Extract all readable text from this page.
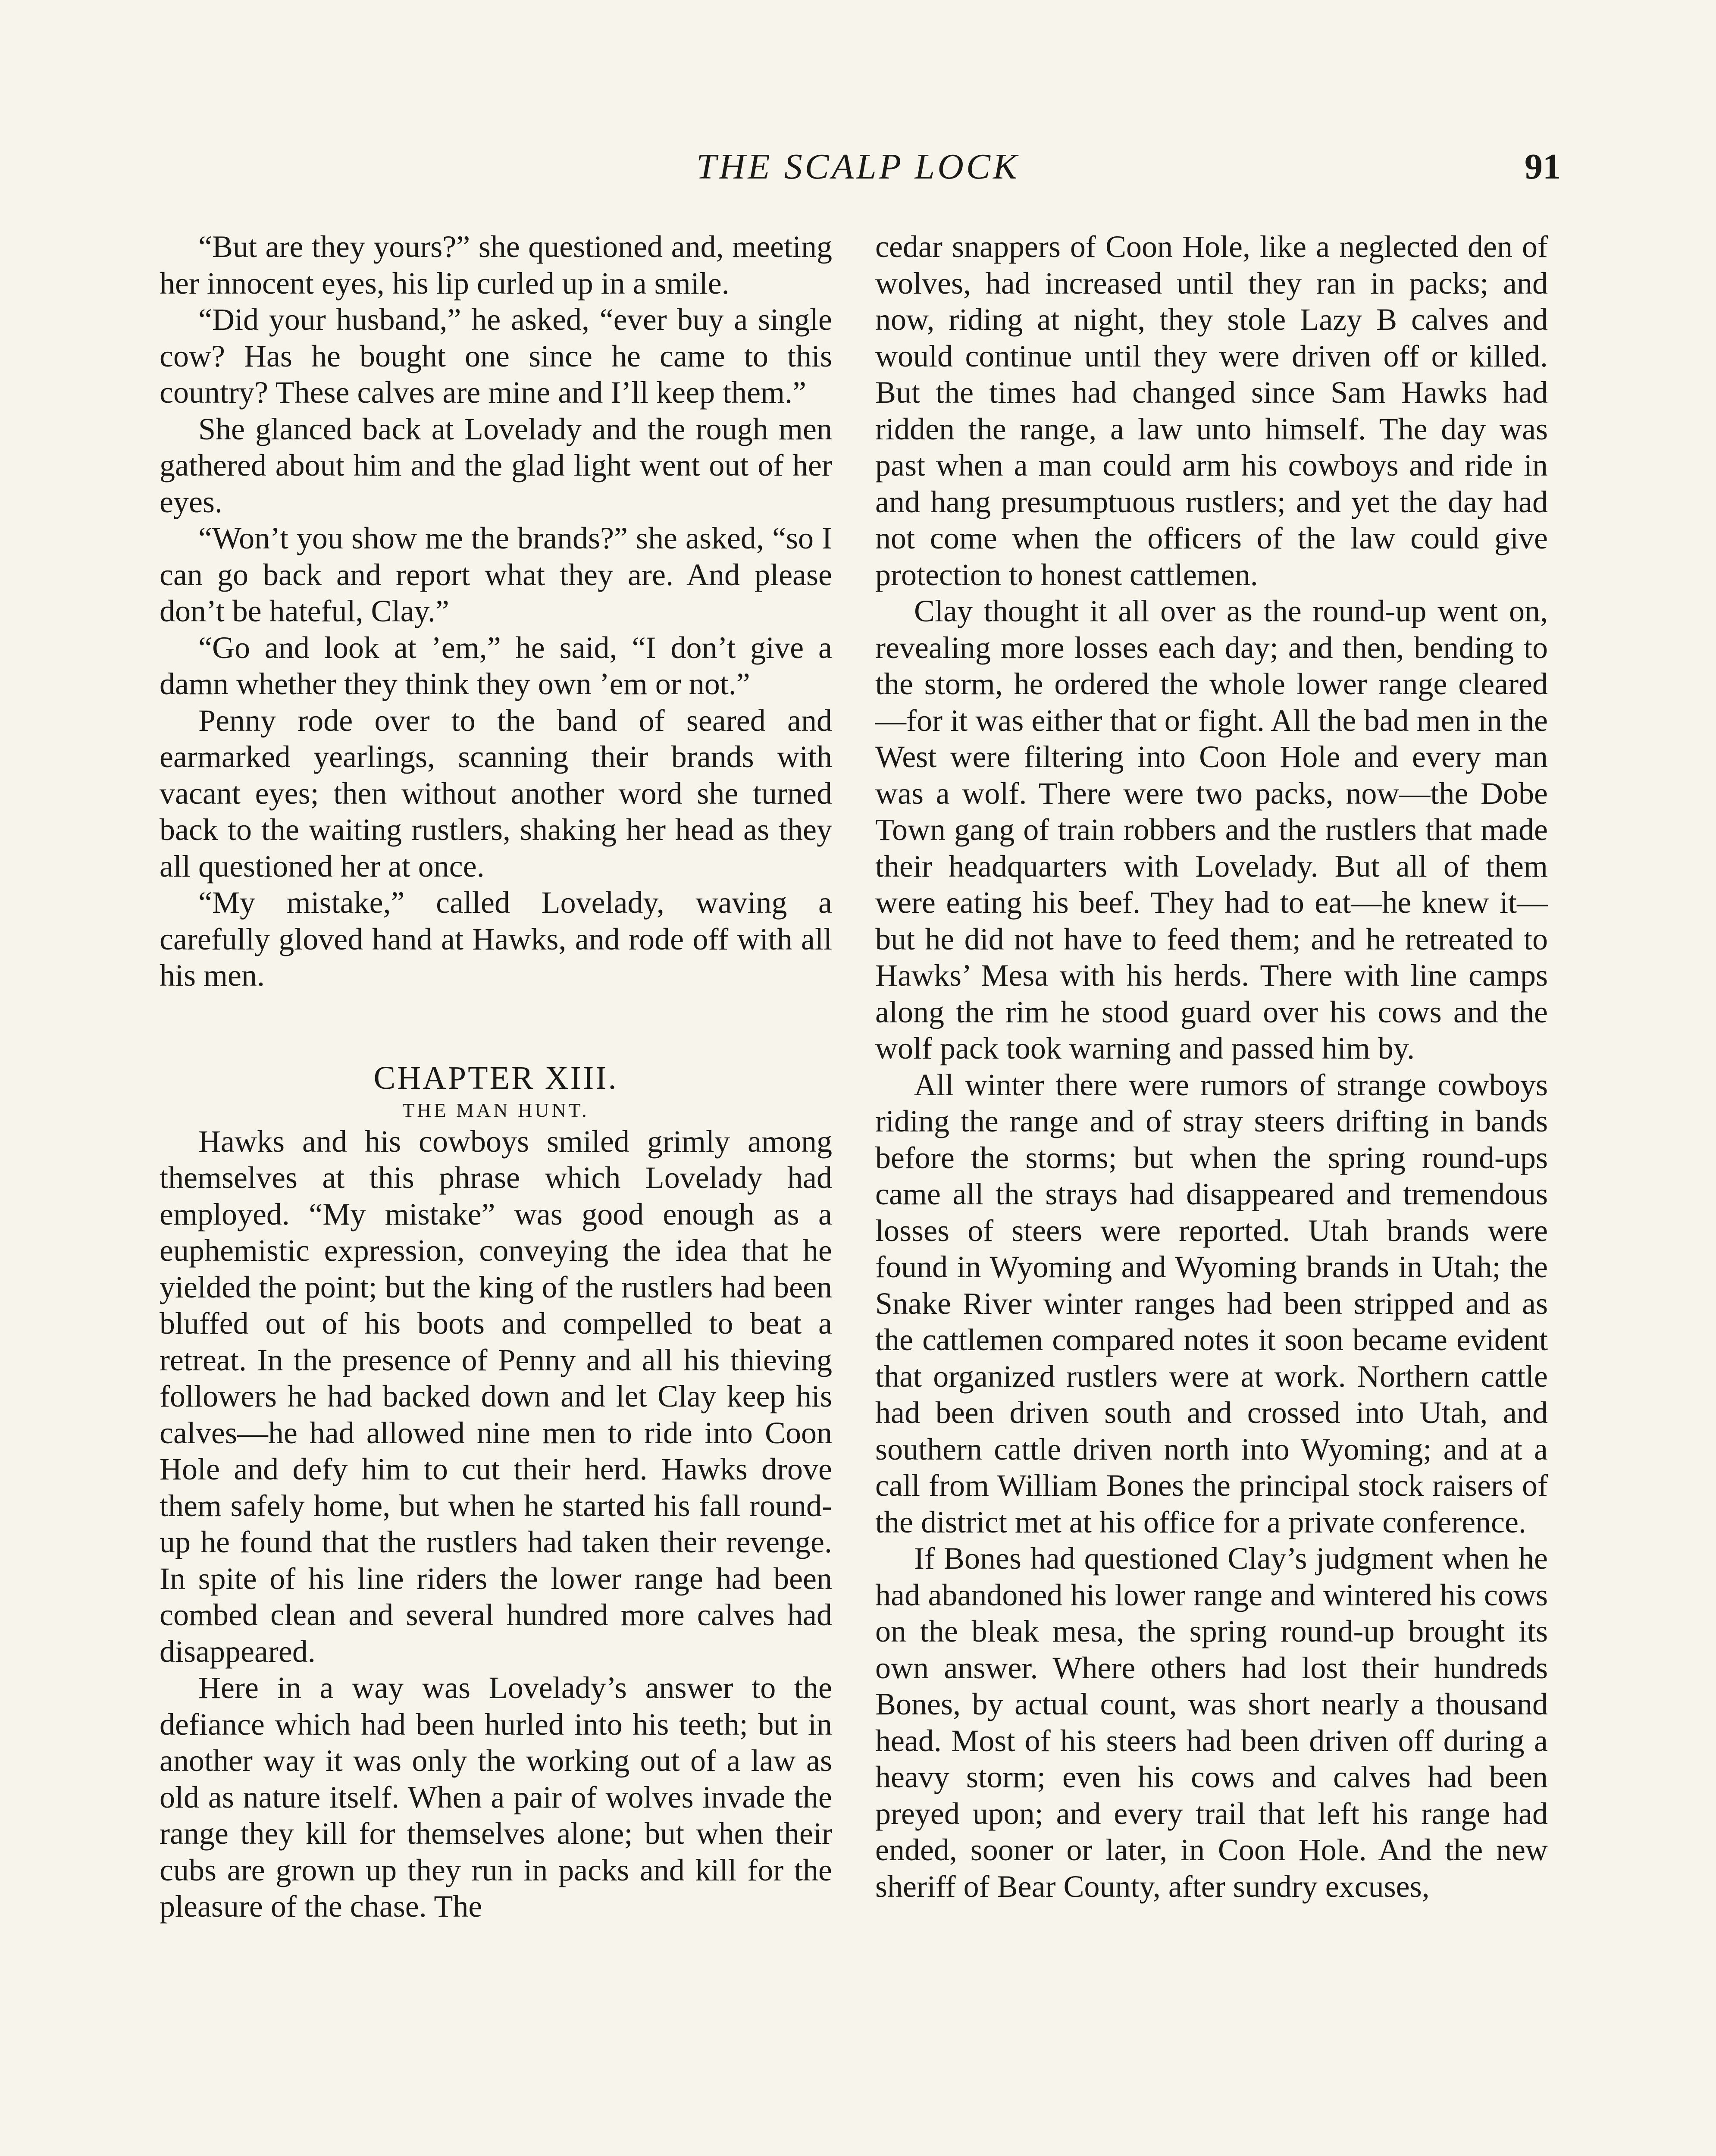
THE SCALP LOCK	91

“But are they yours?” she questioned and, meeting her innocent eyes, his lip curled up in a smile.

“Did your husband,” he asked, “ever buy a single cow? Has he bought one since he came to this country? These calves are mine and I’ll keep them.”

She glanced back at Lovelady and the rough men gathered about him and the glad light went out of her eyes.

“Won’t you show me the brands?” she asked, “so I can go back and report what they are. And please don’t be hateful, Clay.”

“Go and look at ’em,” he said, “I don’t give a damn whether they think they own ’em or not.”

Penny rode over to the band of seared and earmarked yearlings, scanning their brands with vacant eyes; then without another word she turned back to the waiting rustlers, shaking her head as they all questioned her at once.

“My mistake,” called Lovelady, waving a carefully gloved hand at Hawks, and rode off with all his men.

CHAPTER XIII.

THE MAN HUNT.

Hawks and his cowboys smiled grimly among themselves at this phrase which Lovelady had employed. “My mistake” was good enough as a euphemistic expression, conveying the idea that he yielded the point; but the king of the rustlers had been bluffed out of his boots and compelled to beat a retreat. In the presence of Penny and all his thieving followers he had backed down and let Clay keep his calves—he had allowed nine men to ride into Coon Hole and defy him to cut their herd. Hawks drove them safely home, but when he started his fall round-up he found that the rustlers had taken their revenge. In spite of his line riders the lower range had been combed clean and several hundred more calves had disappeared.

Here in a way was Lovelady’s answer to the defiance which had been hurled into his teeth; but in another way it was only the working out of a law as old as nature itself. When a pair of wolves invade the range they kill for themselves alone; but when their cubs are grown up they run in packs and kill for the pleasure of the chase. The

cedar snappers of Coon Hole, like a neglected den of wolves, had increased until they ran in packs; and now, riding at night, they stole Lazy B calves and would continue until they were driven off or killed. But the times had changed since Sam Hawks had ridden the range, a law unto himself. The day was past when a man could arm his cowboys and ride in and hang presumptuous rustlers; and yet the day had not come when the officers of the law could give protection to honest cattlemen.

Clay thought it all over as the round-up went on, revealing more losses each day; and then, bending to the storm, he ordered the whole lower range cleared—for it was either that or fight. All the bad men in the West were filtering into Coon Hole and every man was a wolf. There were two packs, now—the Dobe Town gang of train robbers and the rustlers that made their headquarters with Lovelady. But all of them were eating his beef. They had to eat—he knew it—but he did not have to feed them; and he retreated to Hawks’ Mesa with his herds. There with line camps along the rim he stood guard over his cows and the wolf pack took warning and passed him by.

All winter there were rumors of strange cowboys riding the range and of stray steers drifting in bands before the storms; but when the spring round-ups came all the strays had disappeared and tremendous losses of steers were reported. Utah brands were found in Wyoming and Wyoming brands in Utah; the Snake River winter ranges had been stripped and as the cattlemen compared notes it soon became evident that organized rustlers were at work. Northern cattle had been driven south and crossed into Utah, and southern cattle driven north into Wyoming; and at a call from William Bones the principal stock raisers of the district met at his office for a private conference.

If Bones had questioned Clay’s judgment when he had abandoned his lower range and wintered his cows on the bleak mesa, the spring round-up brought its own answer. Where others had lost their hundreds Bones, by actual count, was short nearly a thousand head. Most of his steers had been driven off during a heavy storm; even his cows and calves had been preyed upon; and every trail that left his range had ended, sooner or later, in Coon Hole. And the new sheriff of Bear County, after sundry excuses,
